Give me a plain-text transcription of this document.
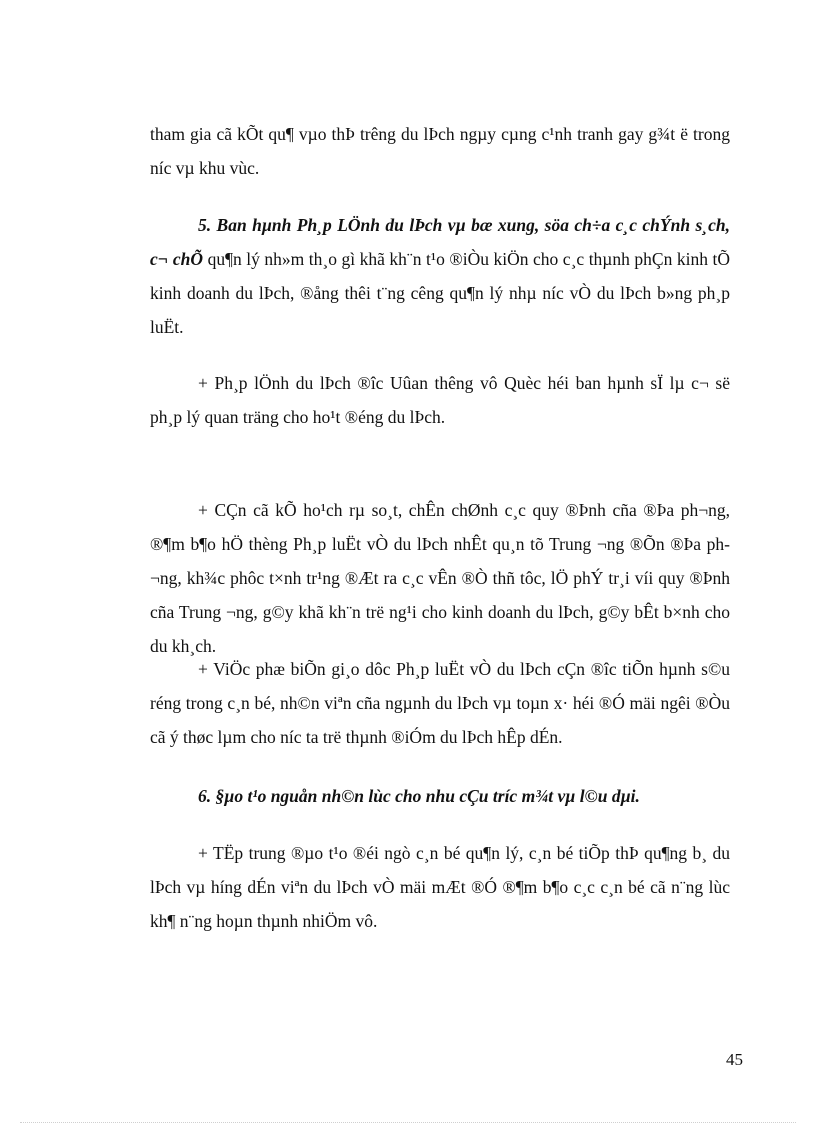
tham gia cã kÕt qu¶ vµo thÞ trêng du lÞch ngµy cµng c¹nh tranh gay g¾t ë trong níc vµ khu vùc.

5. Ban hµnh Ph¸p LÖnh du lÞch vµ bæ xung, söa ch÷a c¸c chÝnh s¸ch, c¬ chÕ qu¶n lý nh»m th¸o gì khã kh¨n t¹o ®iÒu kiÖn cho c¸c thµnh phÇn kinh tÕ kinh doanh du lÞch, ®ång thêi t¨ng cêng qu¶n lý nhµ níc vÒ du lÞch b»ng ph¸p luËt.

+ Ph¸p lÖnh du lÞch ®îc Uûan thêng vô Quèc héi ban hµnh sÏ lµ c¬ së ph¸p lý quan träng cho ho¹t ®éng du lÞch.

+ CÇn cã kÕ ho¹ch rµ so¸t, chÊn chØnh c¸c quy ®Þnh cña ®Þa ph¬ng, ®¶m b¶o hÖ thèng Ph¸p luËt vÒ du lÞch nhÊt qu¸n tõ Trung ¬ng ®Õn ®Þa ph¬ng, kh¾c phôc t×nh tr¹ng ®Æt ra c¸c vÊn ®Ò thñ tôc, lÖ phÝ tr¸i víi quy ®Þnh cña Trung ¬ng, g©y khã kh¨n trë ng¹i cho kinh doanh du lÞch, g©y bÊt b×nh cho du kh¸ch.

+ ViÖc phæ biÕn gi¸o dôc Ph¸p luËt vÒ du lÞch cÇn ®îc tiÕn hµnh s©u réng trong c¸n bé, nh©n viªn cña ngµnh du lÞch vµ toµn x· héi ®Ó mäi ngêi ®Òu cã ý thøc lµm cho níc ta trë thµnh ®iÓm du lÞch hÊp dÉn.

6. §µo t¹o nguån nh©n lùc cho nhu cÇu tríc m¾t vµ l©u dµi.

+ TËp trung ®µo t¹o ®éi ngò c¸n bé qu¶n lý, c¸n bé tiÕp thÞ qu¶ng b¸ du lÞch vµ híng dÉn viªn du lÞch vÒ mäi mÆt ®Ó ®¶m b¶o c¸c c¸n bé cã n¨ng lùc kh¶ n¨ng hoµn thµnh nhiÖm vô.

45
